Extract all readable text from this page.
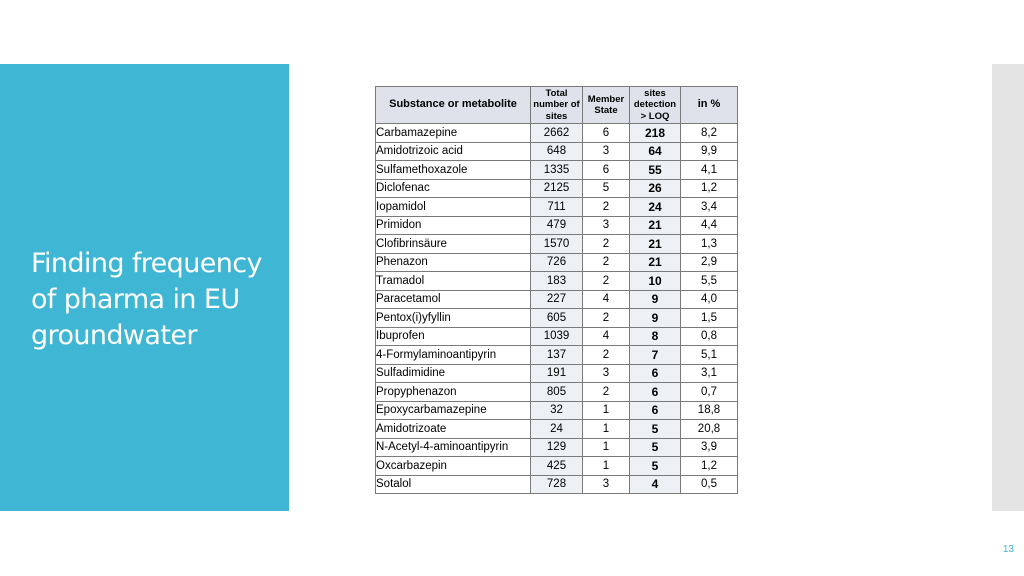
Finding frequency of pharma in EU groundwater
Substance or metabolite	Total number of sites	Member State	sites detection > LOQ	in %
Carbamazepine	2662	6	218	8,2
Amidotrizoic acid	648	3	64	9,9
Sulfamethoxazole	1335	6	55	4,1
Diclofenac	2125	5	26	1,2
Iopamidol	711	2	24	3,4
Primidon	479	3	21	4,4
Clofibrinsäure	1570	2	21	1,3
Phenazon	726	2	21	2,9
Tramadol	183	2	10	5,5
Paracetamol	227	4	9	4,0
Pentox(i)yfyllin	605	2	9	1,5
Ibuprofen	1039	4	8	0,8
4-Formylaminoantipyrin	137	2	7	5,1
Sulfadimidine	191	3	6	3,1
Propyphenazon	805	2	6	0,7
Epoxycarbamazepine	32	1	6	18,8
Amidotrizoate	24	1	5	20,8
N-Acetyl-4-aminoantipyrin	129	1	5	3,9
Oxcarbazepin	425	1	5	1,2
Sotalol	728	3	4	0,5
13
